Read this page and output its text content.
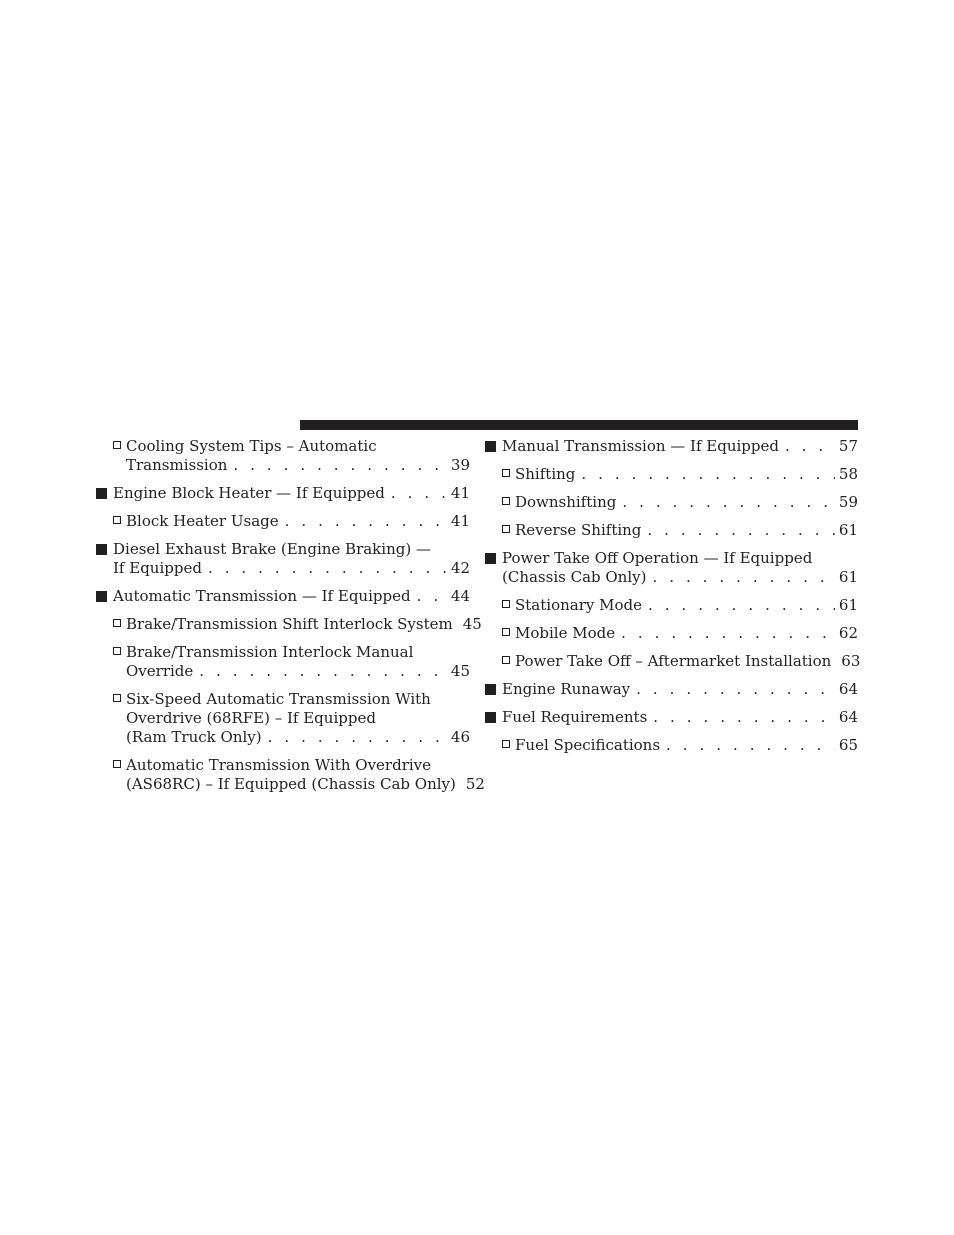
Cooling System Tips – Automatic
Transmission . . .	39
Engine Block Heater — If Equipped . . .	41
Block Heater Usage . . .	41
Diesel Exhaust Brake (Engine Braking) —
If Equipped . . .	42
Automatic Transmission — If Equipped . . .	44
Brake/Transmission Shift Interlock System 45
Brake/Transmission Interlock Manual
Override . . .	45
Six-Speed Automatic Transmission With
Overdrive (68RFE) – If Equipped
(Ram Truck Only) . . .	46
Automatic Transmission With Overdrive
(AS68RC) – If Equipped (Chassis Cab Only) 52
Manual Transmission — If Equipped . . .	57
Shifting . . .	58
Downshifting . . .	59
Reverse Shifting . . .	61
Power Take Off Operation — If Equipped
(Chassis Cab Only) . . .	61
Stationary Mode . . .	61
Mobile Mode . . .	62
Power Take Off – Aftermarket Installation 63
Engine Runaway . . .	64
Fuel Requirements . . .	64
Fuel Specifications . . .	65
